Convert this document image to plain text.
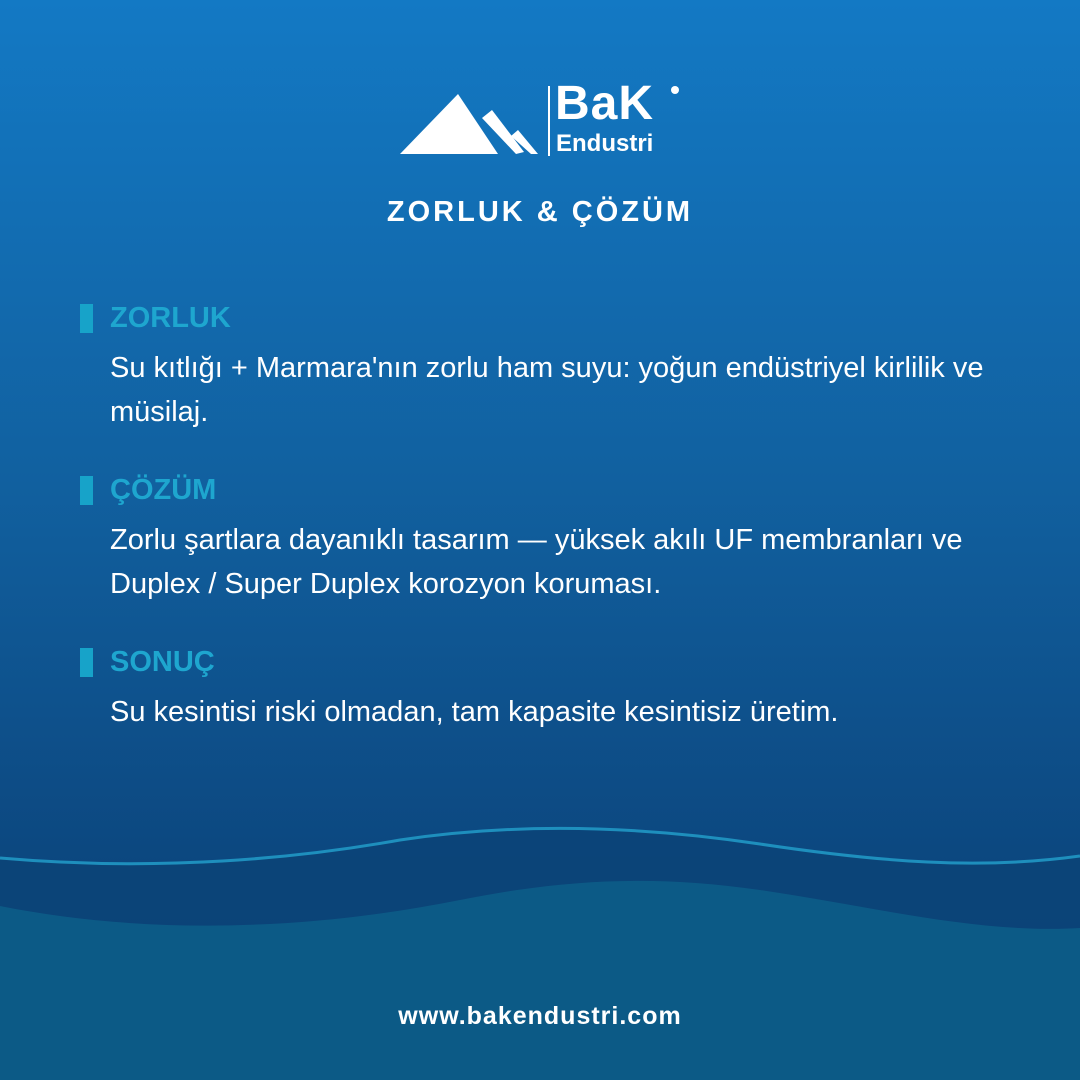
BaK
Endustri
ZORLUK & ÇÖZÜM
ZORLUK
Su kıtlığı + Marmara'nın zorlu ham suyu: yoğun endüstriyel kirlilik ve müsilaj.
ÇÖZÜM
Zorlu şartlara dayanıklı tasarım — yüksek akılı UF membranları ve Duplex / Super Duplex korozyon koruması.
SONUÇ
Su kesintisi riski olmadan, tam kapasite kesintisiz üretim.
www.bakendustri.com
